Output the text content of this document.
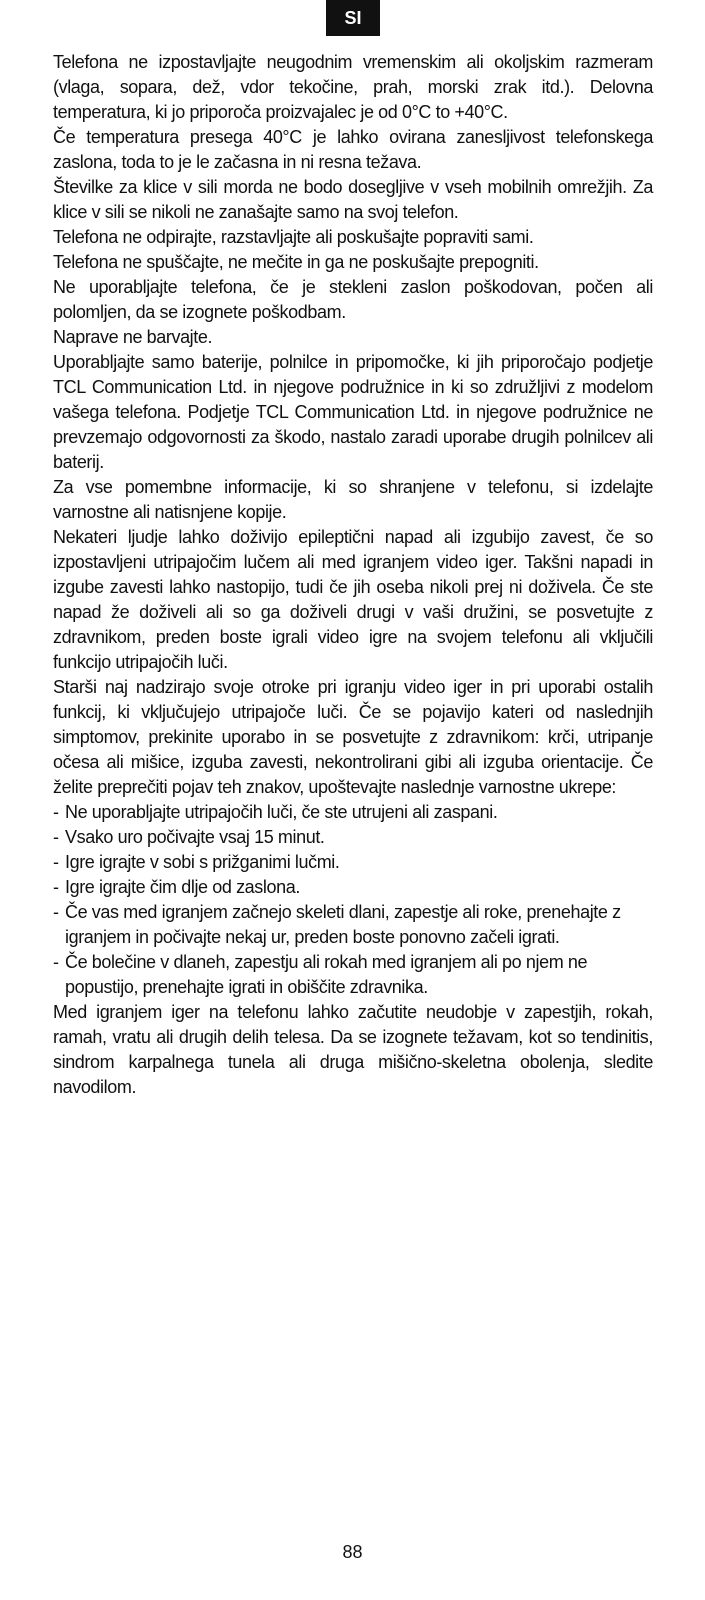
SI

Telefona ne izpostavljajte neugodnim vremenskim ali okoljskim razmeram (vlaga, sopara, dež, vdor tekočine, prah, morski zrak itd.). Delovna temperatura, ki jo priporoča proizvajalec je od 0°C to +40°C.

Če temperatura presega 40°C je lahko ovirana zanesljivost telefonskega zaslona, toda to je le začasna in ni resna težava.

Številke za klice v sili morda ne bodo dosegljive v vseh mobilnih omrežjih. Za klice v sili se nikoli ne zanašajte samo na svoj telefon.

Telefona ne odpirajte, razstavljajte ali poskušajte popraviti sami.

Telefona ne spuščajte, ne mečite in ga ne poskušajte prepogniti.

Ne uporabljajte telefona, če je stekleni zaslon poškodovan, počen ali polomljen, da se izognete poškodbam.

Naprave ne barvajte.

Uporabljajte samo baterije, polnilce in pripomočke, ki jih priporočajo podjetje TCL Communication Ltd. in njegove podružnice in ki so združljivi z modelom vašega telefona. Podjetje TCL Communication Ltd. in njegove podružnice ne prevzemajo odgovornosti za škodo, nastalo zaradi uporabe drugih polnilcev ali baterij.

Za vse pomembne informacije, ki so shranjene v telefonu, si izdelajte varnostne ali natisnjene kopije.

Nekateri ljudje lahko doživijo epileptični napad ali izgubijo zavest, če so izpostavljeni utripajočim lučem ali med igranjem video iger. Takšni napadi in izgube zavesti lahko nastopijo, tudi če jih oseba nikoli prej ni doživela. Če ste napad že doživeli ali so ga doživeli drugi v vaši družini, se posvetujte z zdravnikom, preden boste igrali video igre na svojem telefonu ali vključili funkcijo utripajočih luči.

Starši naj nadzirajo svoje otroke pri igranju video iger in pri uporabi ostalih funkcij, ki vključujejo utripajoče luči. Če se pojavijo kateri od naslednjih simptomov, prekinite uporabo in se posvetujte z zdravnikom: krči, utripanje očesa ali mišice, izguba zavesti, nekontrolirani gibi ali izguba orientacije. Če želite preprečiti pojav teh znakov, upoštevajte naslednje varnostne ukrepe:

- Ne uporabljajte utripajočih luči, če ste utrujeni ali zaspani.
- Vsako uro počivajte vsaj 15 minut.
- Igre igrajte v sobi s prižganimi lučmi.
- Igre igrajte čim dlje od zaslona.
- Če vas med igranjem začnejo skeleti dlani, zapestje ali roke, prenehajte z igranjem in počivajte nekaj ur, preden boste ponovno začeli igrati.
- Če bolečine v dlaneh, zapestju ali rokah med igranjem ali po njem ne popustijo, prenehajte igrati in obiščite zdravnika.

Med igranjem iger na telefonu lahko začutite neudobje v zapestjih, rokah, ramah, vratu ali drugih delih telesa. Da se izognete težavam, kot so tendinitis, sindrom karpalnega tunela ali druga mišično-skeletna obolenja, sledite navodilom.

88
